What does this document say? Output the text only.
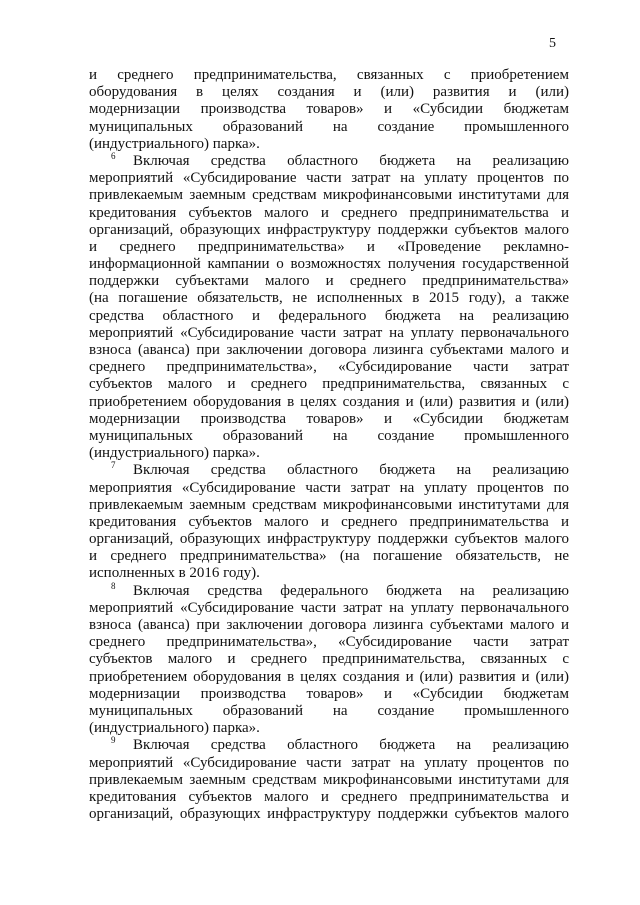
5
и среднего предпринимательства, связанных с приобретением
оборудования в целях создания и (или) развития и (или)
модернизации производства товаров» и «Субсидии бюджетам
муниципальных образований на создание промышленного
(индустриального) парка».
6 Включая средства областного бюджета на реализацию
мероприятий «Субсидирование части затрат на уплату процентов по
привлекаемым заемным средствам микрофинансовыми институтами для
кредитования субъектов малого и среднего предпринимательства и
организаций, образующих инфраструктуру поддержки субъектов малого
и среднего предпринимательства» и «Проведение рекламно-
информационной кампании о возможностях получения государственной
поддержки субъектами малого и среднего предпринимательства»
(на погашение обязательств, не исполненных в 2015 году), а также
средства областного и федерального бюджета на реализацию
мероприятий «Субсидирование части затрат на уплату первоначального
взноса (аванса) при заключении договора лизинга субъектами малого и
среднего предпринимательства», «Субсидирование части затрат
субъектов малого и среднего предпринимательства, связанных с
приобретением оборудования в целях создания и (или) развития и (или)
модернизации производства товаров» и «Субсидии бюджетам
муниципальных образований на создание промышленного
(индустриального) парка».
7 Включая средства областного бюджета на реализацию
мероприятия «Субсидирование части затрат на уплату процентов по
привлекаемым заемным средствам микрофинансовыми институтами для
кредитования субъектов малого и среднего предпринимательства и
организаций, образующих инфраструктуру поддержки субъектов малого
и среднего предпринимательства» (на погашение обязательств, не
исполненных в 2016 году).
8 Включая средства федерального бюджета на реализацию
мероприятий «Субсидирование части затрат на уплату первоначального
взноса (аванса) при заключении договора лизинга субъектами малого и
среднего предпринимательства», «Субсидирование части затрат
субъектов малого и среднего предпринимательства, связанных с
приобретением оборудования в целях создания и (или) развития и (или)
модернизации производства товаров» и «Субсидии бюджетам
муниципальных образований на создание промышленного
(индустриального) парка».
9 Включая средства областного бюджета на реализацию
мероприятий «Субсидирование части затрат на уплату процентов по
привлекаемым заемным средствам микрофинансовыми институтами для
кредитования субъектов малого и среднего предпринимательства и
организаций, образующих инфраструктуру поддержки субъектов малого
